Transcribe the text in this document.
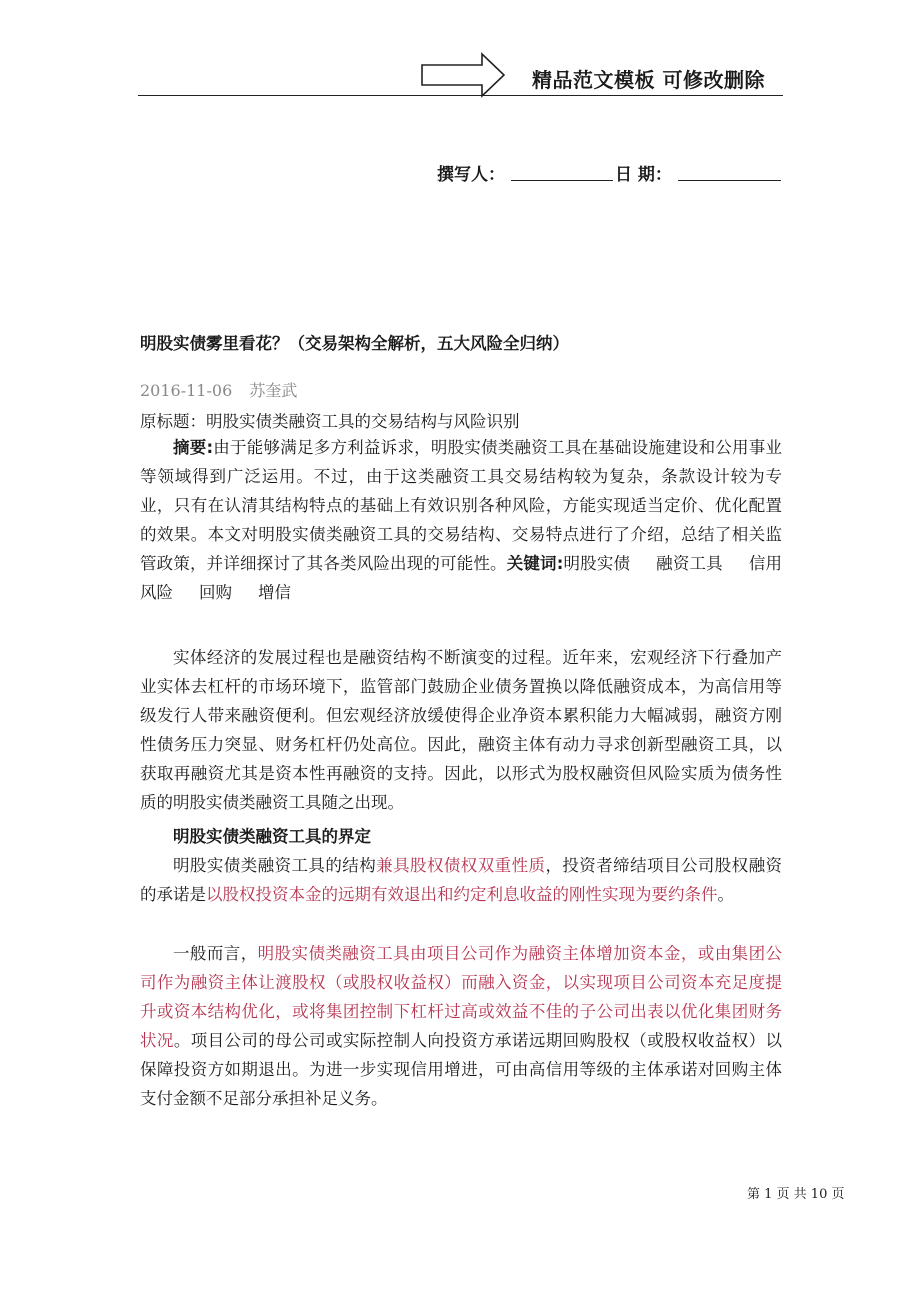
精品范文模板 可修改删除
撰写人：	日 期：
明股实债雾里看花？（交易架构全解析，五大风险全归纳）
2016-11-06 苏奎武
原标题：明股实债类融资工具的交易结构与风险识别
摘要:由于能够满足多方利益诉求，明股实债类融资工具在基础设施建设和公用事业等领域得到广泛运用。不过，由于这类融资工具交易结构较为复杂，条款设计较为专业，只有在认清其结构特点的基础上有效识别各种风险，方能实现适当定价、优化配置的效果。本文对明股实债类融资工具的交易结构、交易特点进行了介绍，总结了相关监管政策，并详细探讨了其各类风险出现的可能性。关键词:明股实债 融资工具 信用风险 回购 增信
实体经济的发展过程也是融资结构不断演变的过程。近年来，宏观经济下行叠加产业实体去杠杆的市场环境下，监管部门鼓励企业债务置换以降低融资成本，为高信用等级发行人带来融资便利。但宏观经济放缓使得企业净资本累积能力大幅减弱，融资方刚性债务压力突显、财务杠杆仍处高位。因此，融资主体有动力寻求创新型融资工具，以获取再融资尤其是资本性再融资的支持。因此，以形式为股权融资但风险实质为债务性质的明股实债类融资工具随之出现。
明股实债类融资工具的界定
明股实债类融资工具的结构兼具股权债权双重性质，投资者缔结项目公司股权融资的承诺是以股权投资本金的远期有效退出和约定利息收益的刚性实现为要约条件。
一般而言，明股实债类融资工具由项目公司作为融资主体增加资本金，或由集团公司作为融资主体让渡股权（或股权收益权）而融入资金，以实现项目公司资本充足度提升或资本结构优化，或将集团控制下杠杆过高或效益不佳的子公司出表以优化集团财务状况。项目公司的母公司或实际控制人向投资方承诺远期回购股权（或股权收益权）以保障投资方如期退出。为进一步实现信用增进，可由高信用等级的主体承诺对回购主体支付金额不足部分承担补足义务。
第 1 页 共 10 页
